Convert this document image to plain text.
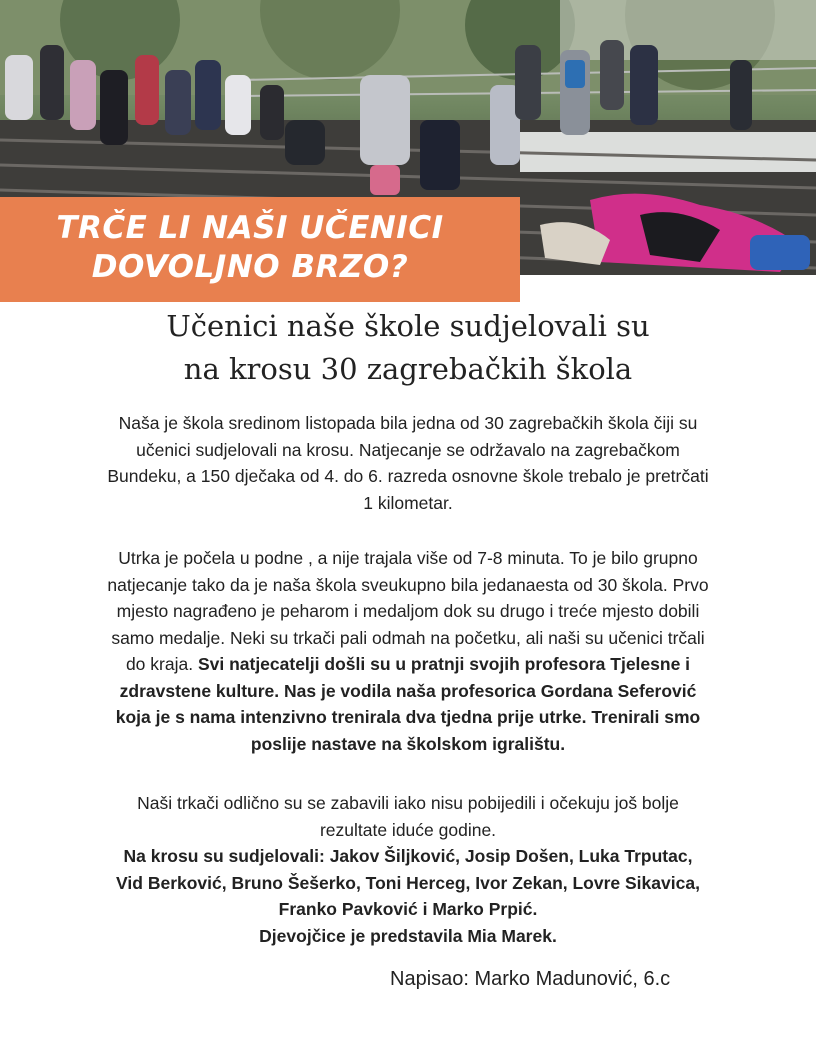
TRČE LI NAŠI UČENICI
DOVOLJNO BRZO?
Učenici naše škole sudjelovali su
na krosu 30 zagrebačkih škola
Naša je škola sredinom listopada bila jedna od 30 zagrebačkih škola čiji su
učenici sudjelovali na krosu. Natjecanje se održavalo na zagrebačkom
Bundeku, a 150 dječaka od 4. do 6. razreda osnovne škole trebalo je pretrčati
1 kilometar.
Utrka je počela u podne , a nije trajala više od 7-8 minuta. To je bilo grupno
natjecanje tako da je naša škola sveukupno bila jedanaesta od 30 škola. Prvo
mjesto nagrađeno je peharom i medaljom dok su drugo i treće mjesto dobili
samo medalje. Neki su trkači pali odmah na početku, ali naši su učenici trčali
do kraja. Svi natjecatelji došli su u pratnji svojih profesora Tjelesne i
zdravstene kulture. Nas je vodila naša profesorica Gordana Seferović
koja je s nama intenzivno trenirala dva tjedna prije utrke. Trenirali smo
poslije nastave na školskom igralištu.
Naši trkači odlično su se zabavili iako nisu pobijedili i očekuju još bolje
rezultate iduće godine.
Na krosu su sudjelovali: Jakov Šiljković, Josip Došen, Luka Trputac,
Vid Berković, Bruno Šešerko, Toni Herceg, Ivor Zekan, Lovre Sikavica,
Franko Pavković i Marko Prpić.
Djevojčice je predstavila Mia Marek.
Napisao: Marko Madunović, 6.c
